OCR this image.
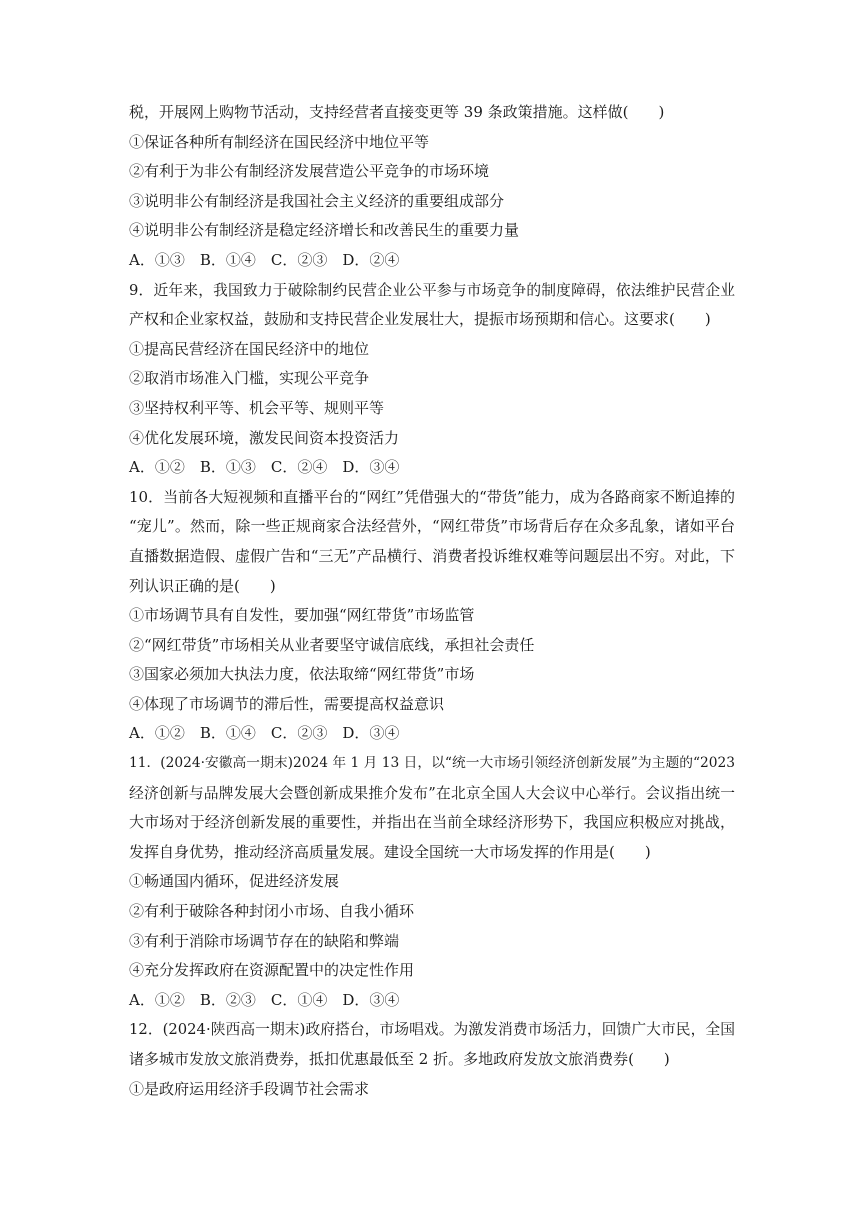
税，开展网上购物节活动，支持经营者直接变更等 39 条政策措施。这样做(　　)
①保证各种所有制经济在国民经济中地位平等
②有利于为非公有制经济发展营造公平竞争的市场环境
③说明非公有制经济是我国社会主义经济的重要组成部分
④说明非公有制经济是稳定经济增长和改善民生的重要力量
A．①③　B．①④　C．②③　D．②④
9．近年来，我国致力于破除制约民营企业公平参与市场竞争的制度障碍，依法维护民营企业
产权和企业家权益，鼓励和支持民营企业发展壮大，提振市场预期和信心。这要求(　　)
①提高民营经济在国民经济中的地位
②取消市场准入门槛，实现公平竞争
③坚持权利平等、机会平等、规则平等
④优化发展环境，激发民间资本投资活力
A．①②　B．①③　C．②④　D．③④
10．当前各大短视频和直播平台的“网红”凭借强大的“带货”能力，成为各路商家不断追捧的
“宠儿”。然而，除一些正规商家合法经营外，“网红带货”市场背后存在众多乱象，诸如平台
直播数据造假、虚假广告和“三无”产品横行、消费者投诉维权难等问题层出不穷。对此，下
列认识正确的是(　　)
①市场调节具有自发性，要加强“网红带货”市场监管
②“网红带货”市场相关从业者要坚守诚信底线，承担社会责任
③国家必须加大执法力度，依法取缔“网红带货”市场
④体现了市场调节的滞后性，需要提高权益意识
A．①②　B．①④　C．②③　D．③④
11．(2024·安徽高一期末)2024 年 1 月 13 日，以“统一大市场引领经济创新发展”为主题的“2023
经济创新与品牌发展大会暨创新成果推介发布”在北京全国人大会议中心举行。会议指出统一
大市场对于经济创新发展的重要性，并指出在当前全球经济形势下，我国应积极应对挑战，
发挥自身优势，推动经济高质量发展。建设全国统一大市场发挥的作用是(　　)
①畅通国内循环，促进经济发展
②有利于破除各种封闭小市场、自我小循环
③有利于消除市场调节存在的缺陷和弊端
④充分发挥政府在资源配置中的决定性作用
A．①②　B．②③　C．①④　D．③④
12．(2024·陕西高一期末)政府搭台，市场唱戏。为激发消费市场活力，回馈广大市民，全国
诸多城市发放文旅消费券，抵扣优惠最低至 2 折。多地政府发放文旅消费券(　　)
①是政府运用经济手段调节社会需求
